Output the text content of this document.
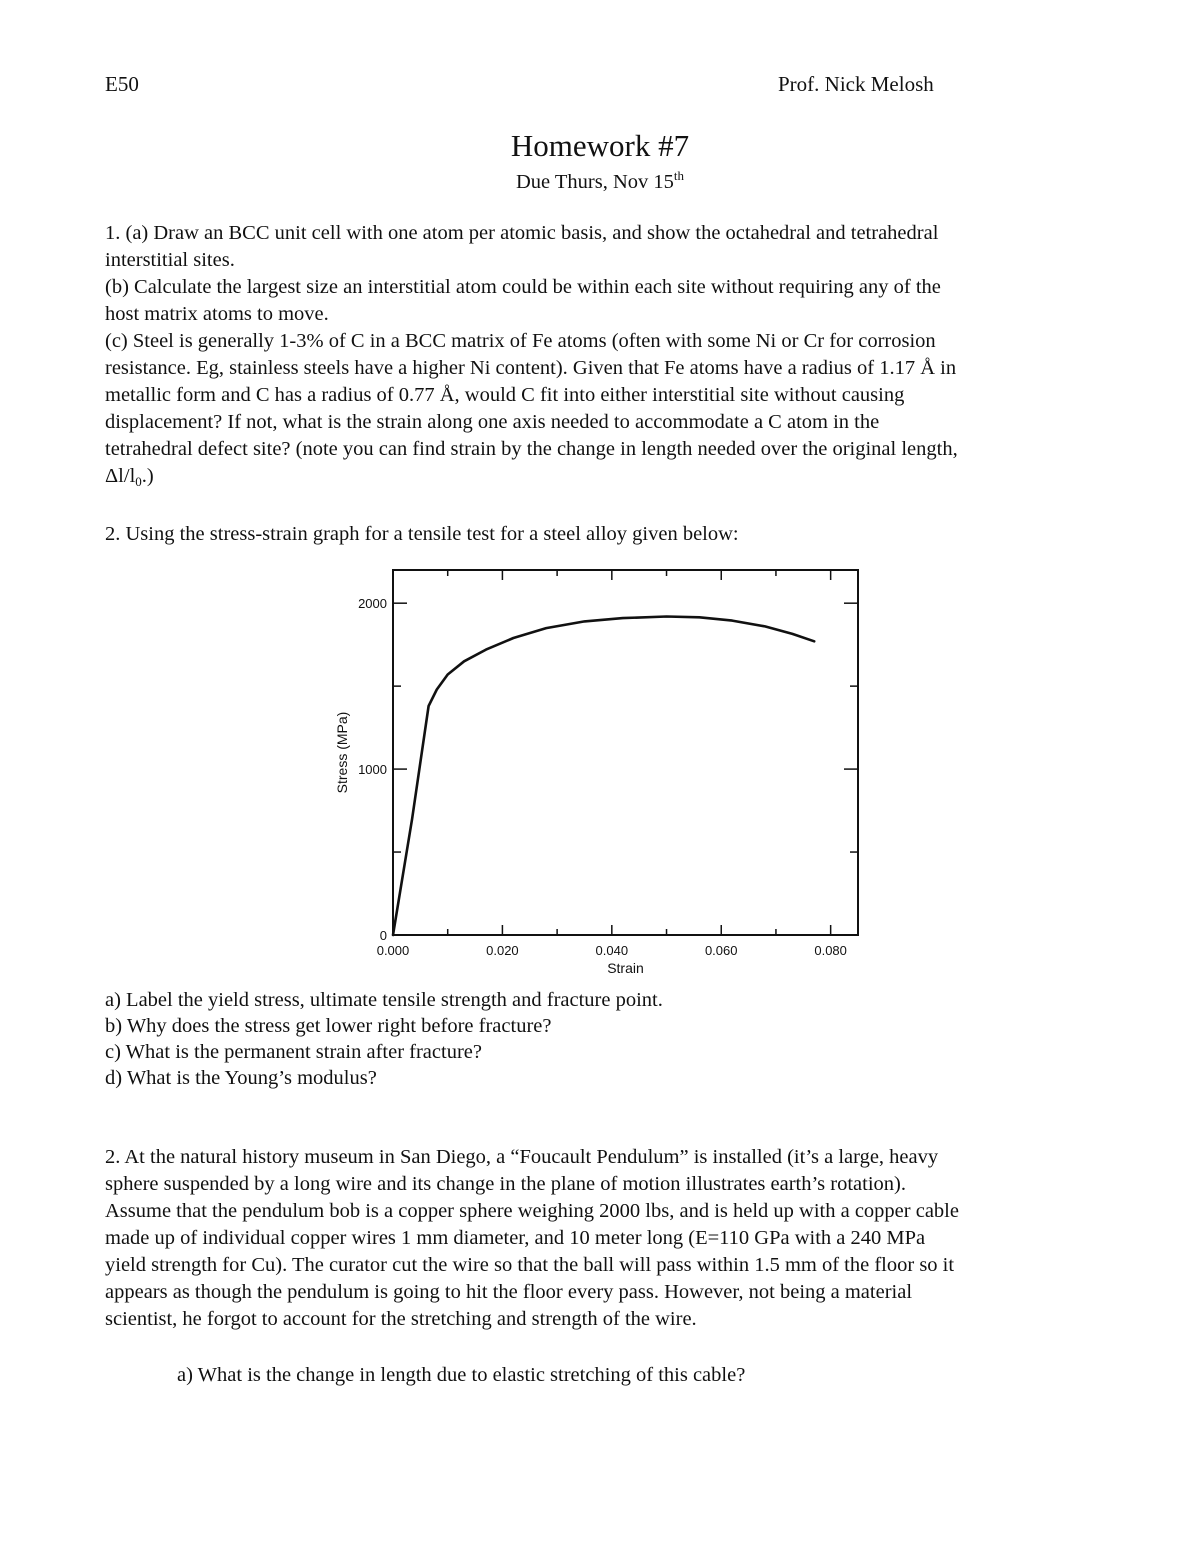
E50	Prof. Nick Melosh
Homework #7
Due Thurs, Nov 15th
1. (a) Draw an BCC unit cell with one atom per atomic basis, and show the octahedral and tetrahedral
interstitial sites.
(b) Calculate the largest size an interstitial atom could be within each site without requiring any of the
host matrix atoms to move.
(c) Steel is generally 1-3% of C in a BCC matrix of Fe atoms (often with some Ni or Cr for corrosion
resistance. Eg, stainless steels have a higher Ni content). Given that Fe atoms have a radius of 1.17 Å in
metallic form and C has a radius of 0.77 Å, would C fit into either interstitial site without causing
displacement? If not, what is the strain along one axis needed to accommodate a C atom in the
tetrahedral defect site? (note you can find strain by the change in length needed over the original length,
Δl/l0.)
2. Using the stress-strain graph for a tensile test for a steel alloy given below:
0.000	0.020	0.040	0.060	0.080
0
1000
2000
Strain
Stress (MPa)
a) Label the yield stress, ultimate tensile strength and fracture point.
b) Why does the stress get lower right before fracture?
c) What is the permanent strain after fracture?
d) What is the Young’s modulus?
2. At the natural history museum in San Diego, a “Foucault Pendulum” is installed (it’s a large, heavy
sphere suspended by a long wire and its change in the plane of motion illustrates earth’s rotation).
Assume that the pendulum bob is a copper sphere weighing 2000 lbs, and is held up with a copper cable
made up of individual copper wires 1 mm diameter, and 10 meter long (E=110 GPa with a 240 MPa
yield strength for Cu). The curator cut the wire so that the ball will pass within 1.5 mm of the floor so it
appears as though the pendulum is going to hit the floor every pass. However, not being a material
scientist, he forgot to account for the stretching and strength of the wire.
a) What is the change in length due to elastic stretching of this cable?
